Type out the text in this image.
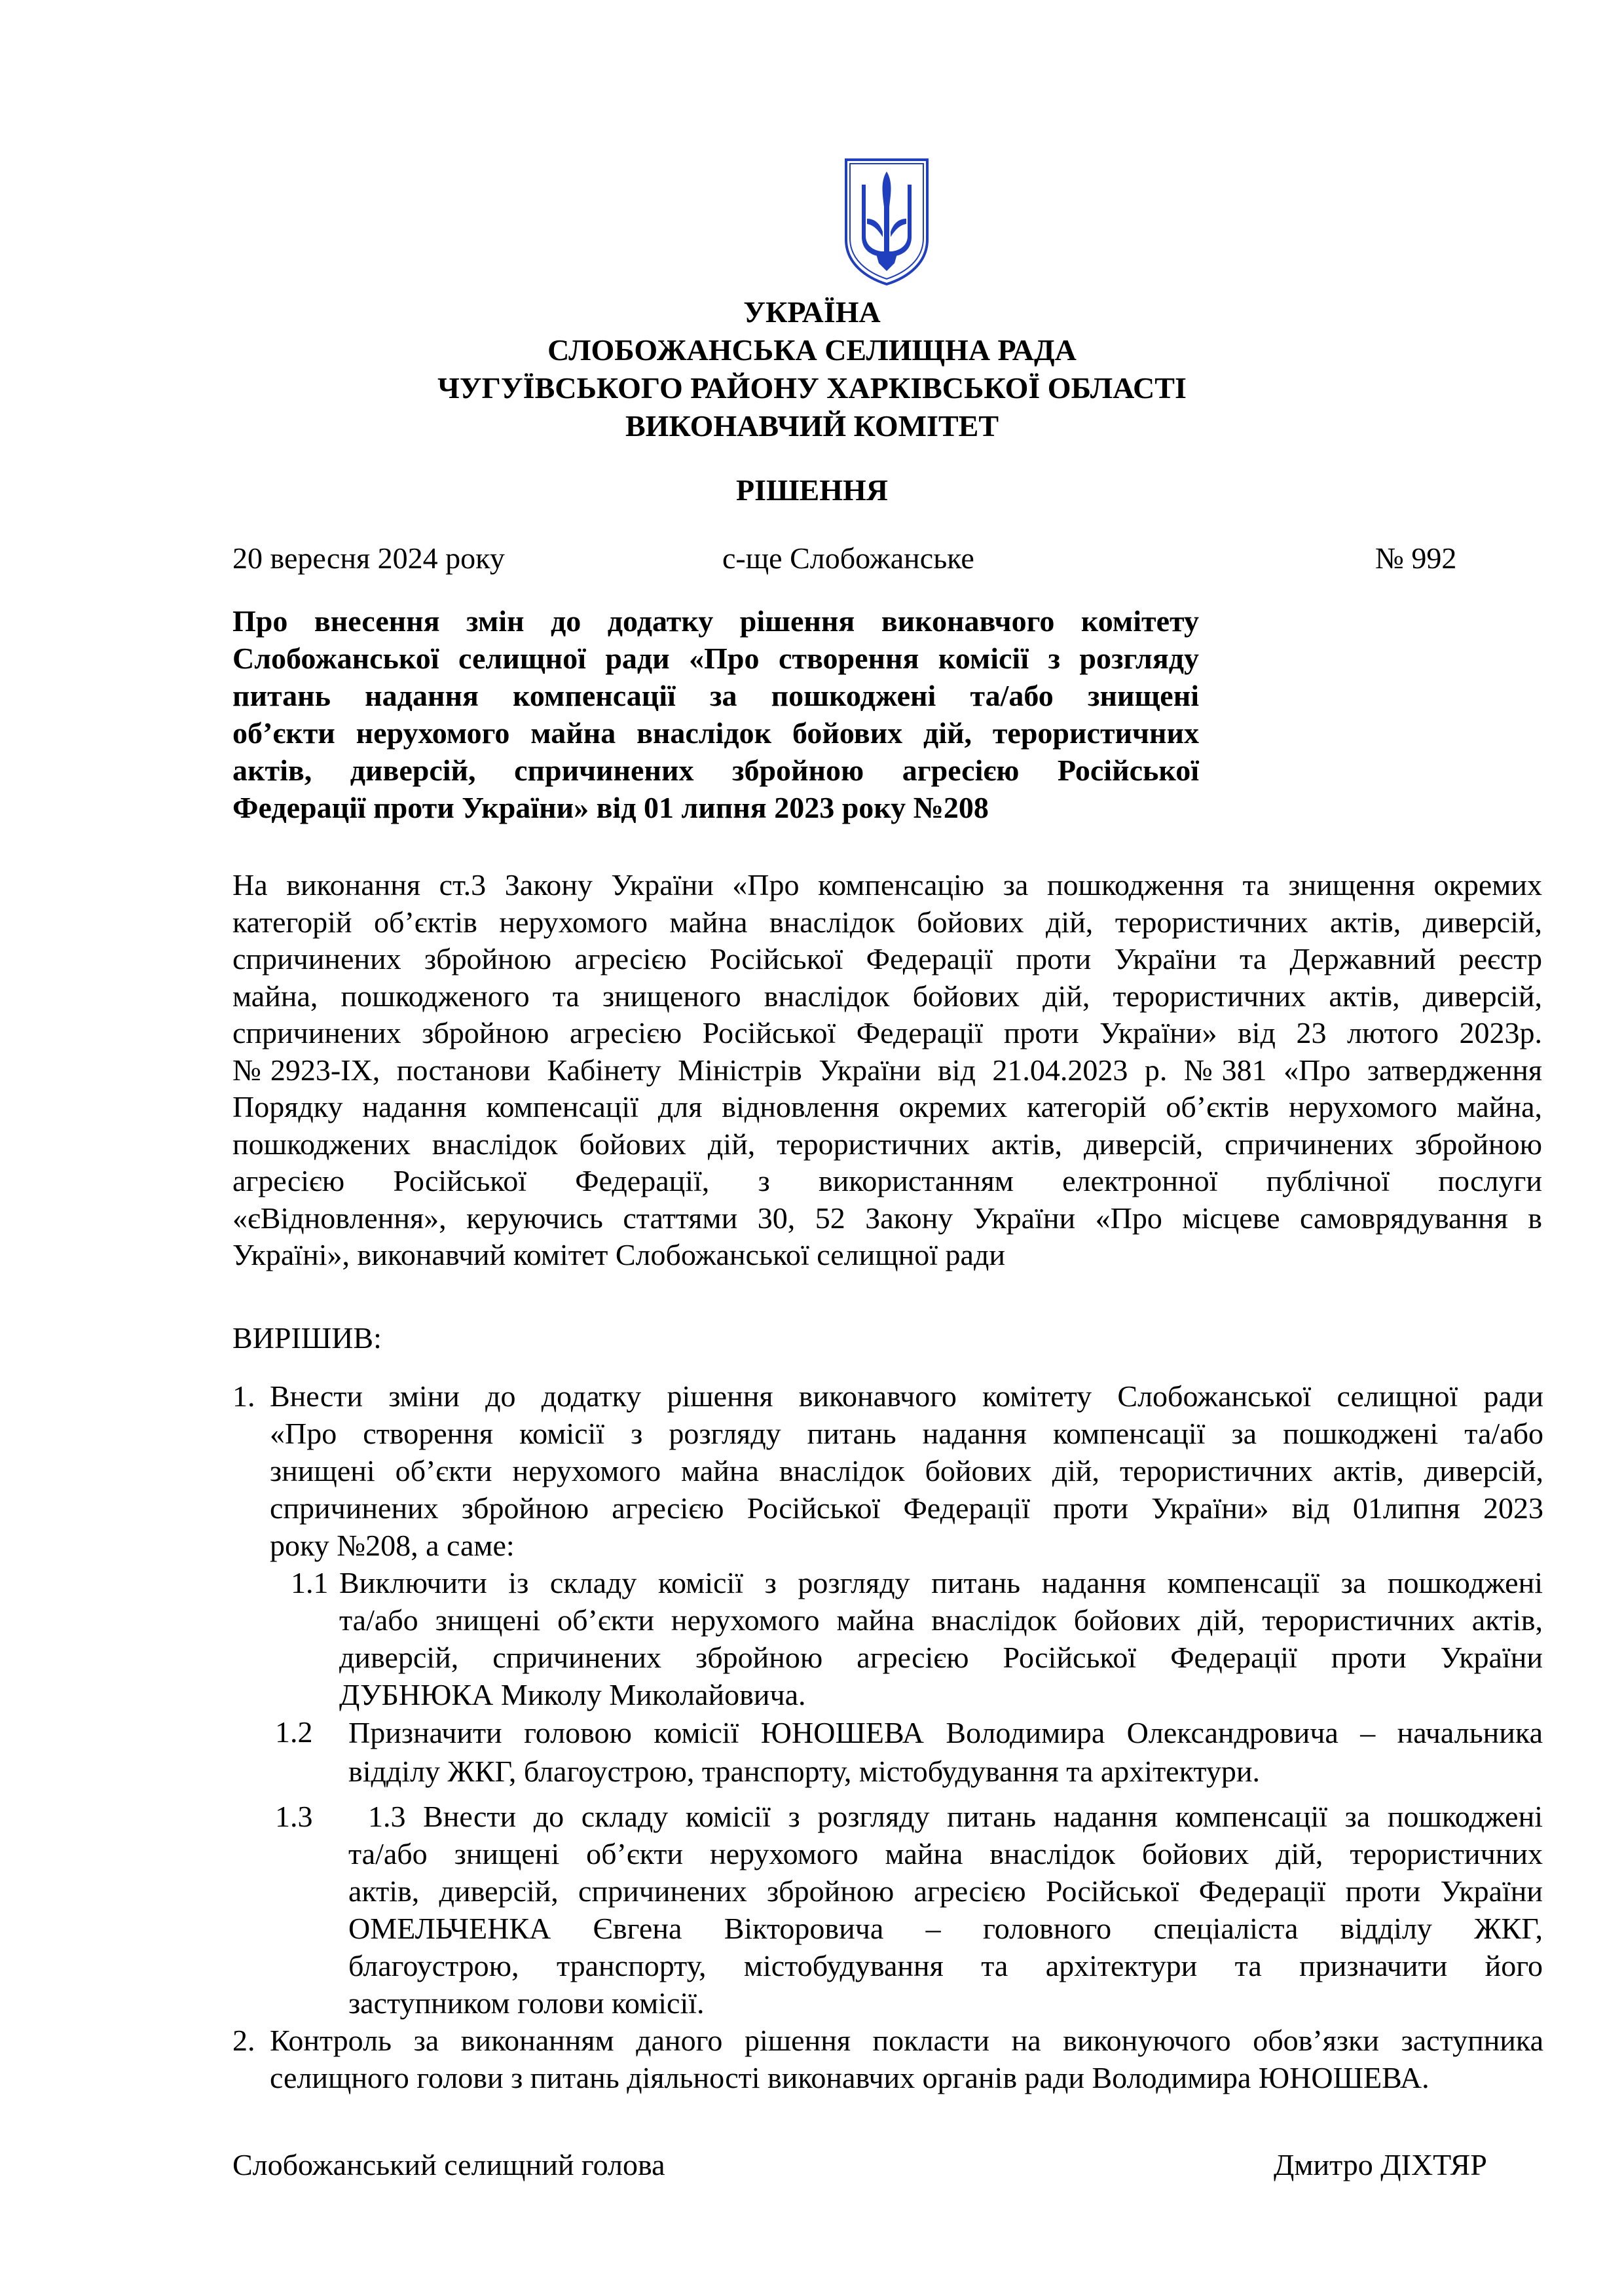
УКРАЇНА
СЛОБОЖАНСЬКА СЕЛИЩНА РАДА
ЧУГУЇВСЬКОГО РАЙОНУ ХАРКІВСЬКОЇ ОБЛАСТІ
ВИКОНАВЧИЙ КОМІТЕТ
РІШЕННЯ
20 вересня 2024 року	с-ще Слобожанське	№ 992
Про внесення змін до додатку рішення виконавчого комітету
Слобожанської селищної ради «Про створення комісії з розгляду
питань надання компенсації за пошкоджені та/або знищені
об’єкти нерухомого майна внаслідок бойових дій, терористичних
актів, диверсій, спричинених збройною агресією Російської
Федерації проти України» від 01 липня 2023 року №208
На виконання ст.3 Закону України «Про компенсацію за пошкодження та знищення окремих
категорій об’єктів нерухомого майна внаслідок бойових дій, терористичних актів, диверсій,
спричинених збройною агресією Російської Федерації проти України та Державний реєстр
майна, пошкодженого та знищеного внаслідок бойових дій, терористичних актів, диверсій,
спричинених збройною агресією Російської Федерації проти України» від 23 лютого 2023р.
№2923-IX, постанови Кабінету Міністрів України від 21.04.2023 р. №381 «Про затвердження
Порядку надання компенсації для відновлення окремих категорій об’єктів нерухомого майна,
пошкоджених внаслідок бойових дій, терористичних актів, диверсій, спричинених збройною
агресією Російської Федерації, з використанням електронної публічної послуги
«єВідновлення», керуючись статтями 30, 52 Закону України «Про місцеве самоврядування в
Україні», виконавчий комітет Слобожанської селищної ради
ВИРІШИВ:
1. Внести зміни до додатку рішення виконавчого комітету Слобожанської селищної ради
«Про створення комісії з розгляду питань надання компенсації за пошкоджені та/або
знищені об’єкти нерухомого майна внаслідок бойових дій, терористичних актів, диверсій,
спричинених збройною агресією Російської Федерації проти України» від 01липня 2023
року №208, а саме:
1.1 Виключити із складу комісії з розгляду питань надання компенсації за пошкоджені
та/або знищені об’єкти нерухомого майна внаслідок бойових дій, терористичних актів,
диверсій, спричинених збройною агресією Російської Федерації проти України
ДУБНЮКА Миколу Миколайовича.
1.2 Призначити головою комісії ЮНОШЕВА Володимира Олександровича – начальника
відділу ЖКГ, благоустрою, транспорту, містобудування та архітектури.
1.3	1.3 Внести до складу комісії з розгляду питань надання компенсації за пошкоджені
та/або знищені об’єкти нерухомого майна внаслідок бойових дій, терористичних
актів, диверсій, спричинених збройною агресією Російської Федерації проти України
ОМЕЛЬЧЕНКА Євгена Вікторовича – головного спеціаліста відділу ЖКГ,
благоустрою, транспорту, містобудування та архітектури та призначити його
заступником голови комісії.
2. Контроль за виконанням даного рішення покласти на виконуючого обов’язки заступника
селищного голови з питань діяльності виконавчих органів ради Володимира ЮНОШЕВА.
Слобожанський селищний голова	Дмитро ДІХТЯР
